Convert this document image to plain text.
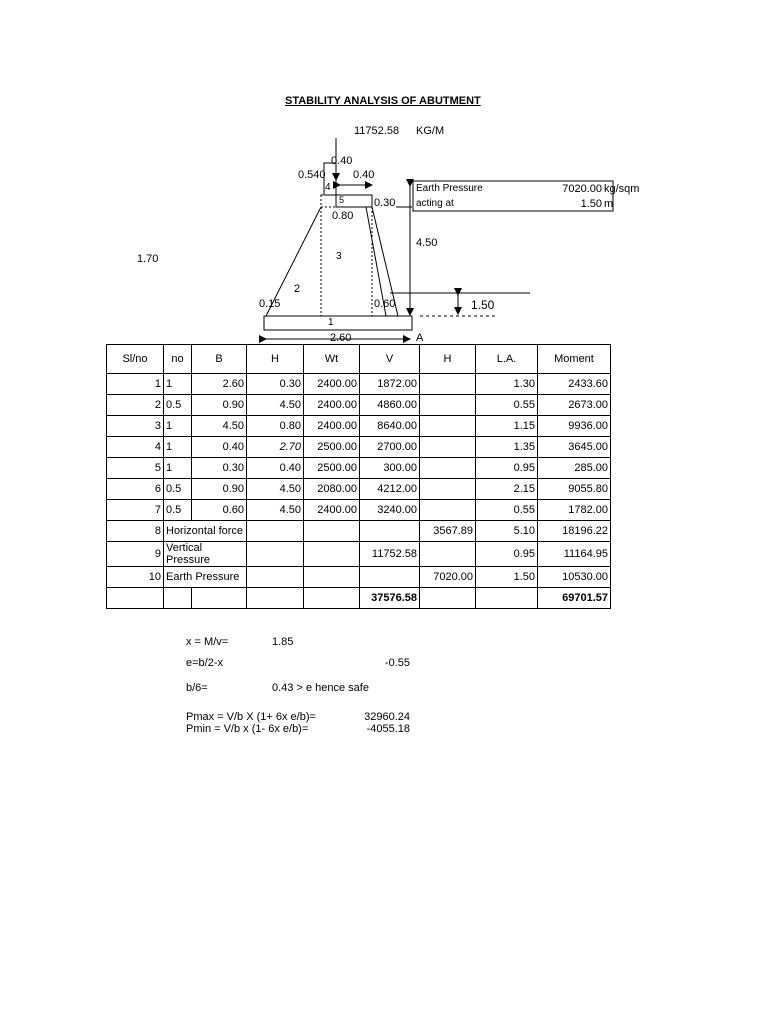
STABILITY ANALYSIS OF ABUTMENT
11752.58 KG/M
0.40
0.540 0.40
4
5	0.30
0.80
3
2
4.50
1.70
0.15	0.60	1.50
1
2.60	A
Earth Pressure	7020.00 kg/sqm
acting at	1.50 m
Sl/no	no	B	H	Wt	V	H	L.A.	Moment
1	1	2.60	0.30	2400.00	1872.00		1.30	2433.60
2	0.5	0.90	4.50	2400.00	4860.00		0.55	2673.00
3	1	4.50	0.80	2400.00	8640.00		1.15	9936.00
4	1	0.40	2.70	2500.00	2700.00		1.35	3645.00
5	1	0.30	0.40	2500.00	300.00		0.95	285.00
6	0.5	0.90	4.50	2080.00	4212.00		2.15	9055.80
7	0.5	0.60	4.50	2400.00	3240.00		0.55	1782.00
8	Horizontal force					3567.89	5.10	18196.22
9	Vertical Pressure				11752.58		0.95	11164.95
10	Earth Pressure					7020.00	1.50	10530.00
					37576.58			69701.57
x = M/v=	1.85
e=b/2-x	-0.55
b/6=	0.43 > e hence safe
Pmax = V/b X (1+ 6x e/b)=	32960.24
Pmin = V/b x (1- 6x e/b)=	-4055.18
